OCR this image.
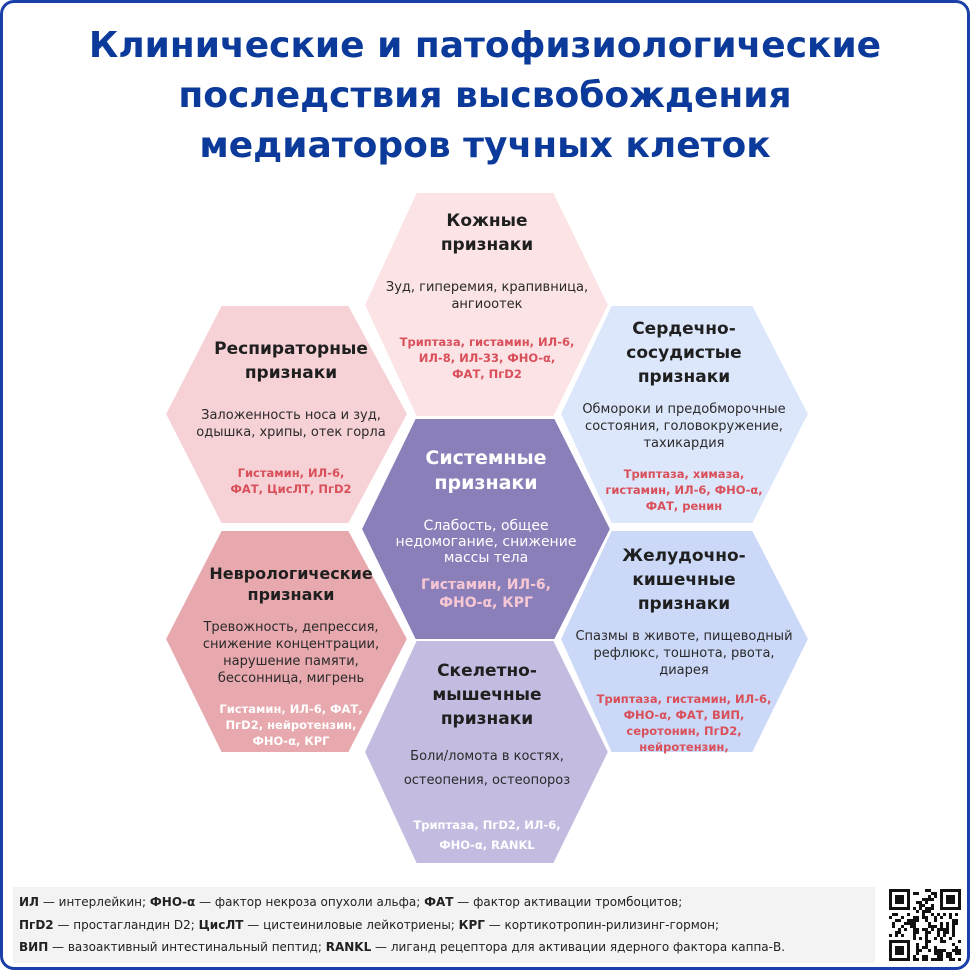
Клинические и патофизиологические
последствия высвобождения
медиаторов тучных клеток
Кожные
признаки
Зуд, гиперемия, крапивница,
ангиоотек
Триптаза, гистамин, ИЛ-6,
ИЛ-8, ИЛ-33, ФНО-α,
ФАТ, ПгD2
Респираторные
признаки
Заложенность носа и зуд,
одышка, хрипы, отек горла
Гистамин, ИЛ-6,
ФАТ, ЦисЛТ, ПгD2
Сердечно-
сосудистые
признаки
Обмороки и предобморочные
состояния, головокружение,
тахикардия
Триптаза, химаза,
гистамин, ИЛ-6, ФНО-α,
ФАТ, ренин
Системные
признаки
Слабость, общее
недомогание, снижение
массы тела
Гистамин, ИЛ-6,
ФНО-α, КРГ
Неврологические
признаки
Тревожность, депрессия,
снижение концентрации,
нарушение памяти,
бессонница, мигрень
Гистамин, ИЛ-6, ФАТ,
ПгD2, нейротензин,
ФНО-α, КРГ
Желудочно-
кишечные
признаки
Спазмы в животе, пищеводный
рефлюкс, тошнота, рвота,
диарея
Триптаза, гистамин, ИЛ-6,
ФНО-α, ФАТ, ВИП,
серотонин, ПгD2,
нейротензин,
Скелетно-
мышечные
признаки
Боли/ломота в костях,
остеопения, остеопороз
Триптаза, ПгD2, ИЛ-6,
ФНО-α, RANKL
ИЛ — интерлейкин; ФНО-α — фактор некроза опухоли альфа; ФАТ — фактор активации тромбоцитов;
ПгD2 — простагландин D2; ЦисЛТ — цистеиниловые лейкотриены; КРГ — кортикотропин-рилизинг-гормон;
ВИП — вазоактивный интестинальный пептид; RANKL — лиганд рецептора для активации ядерного фактора каппа-В.
